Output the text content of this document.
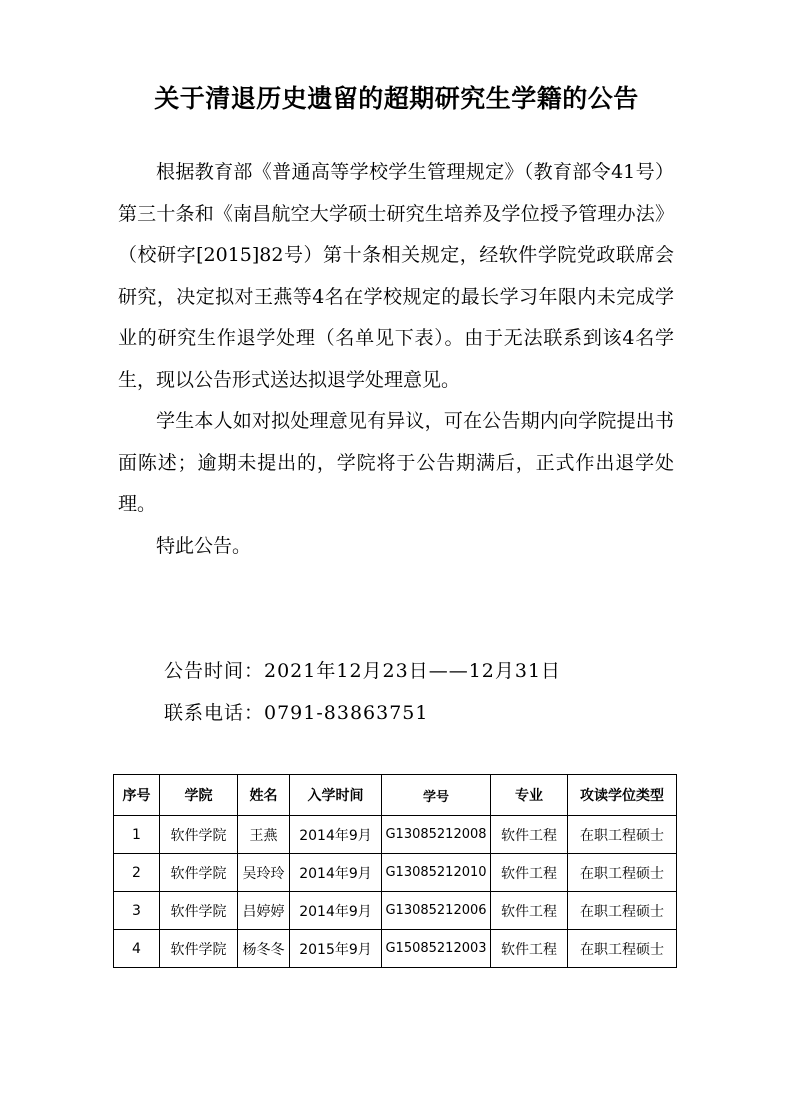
关于清退历史遗留的超期研究生学籍的公告

根据教育部《普通高等学校学生管理规定》（教育部令41号）第三十条和《南昌航空大学硕士研究生培养及学位授予管理办法》（校研字[2015]82号）第十条相关规定，经软件学院党政联席会研究，决定拟对王燕等4名在学校规定的最长学习年限内未完成学业的研究生作退学处理（名单见下表）。由于无法联系到该4名学生，现以公告形式送达拟退学处理意见。

学生本人如对拟处理意见有异议，可在公告期内向学院提出书面陈述；逾期未提出的，学院将于公告期满后，正式作出退学处理。

特此公告。

公告时间：2021年12月23日——12月31日
联系电话：0791-83863751
序号	学院	姓名	入学时间	学号	专业	攻读学位类型
1	软件学院	王燕	2014年9月	G13085212008	软件工程	在职工程硕士
2	软件学院	吴玲玲	2014年9月	G13085212010	软件工程	在职工程硕士
3	软件学院	吕婷婷	2014年9月	G13085212006	软件工程	在职工程硕士
4	软件学院	杨冬冬	2015年9月	G15085212003	软件工程	在职工程硕士
